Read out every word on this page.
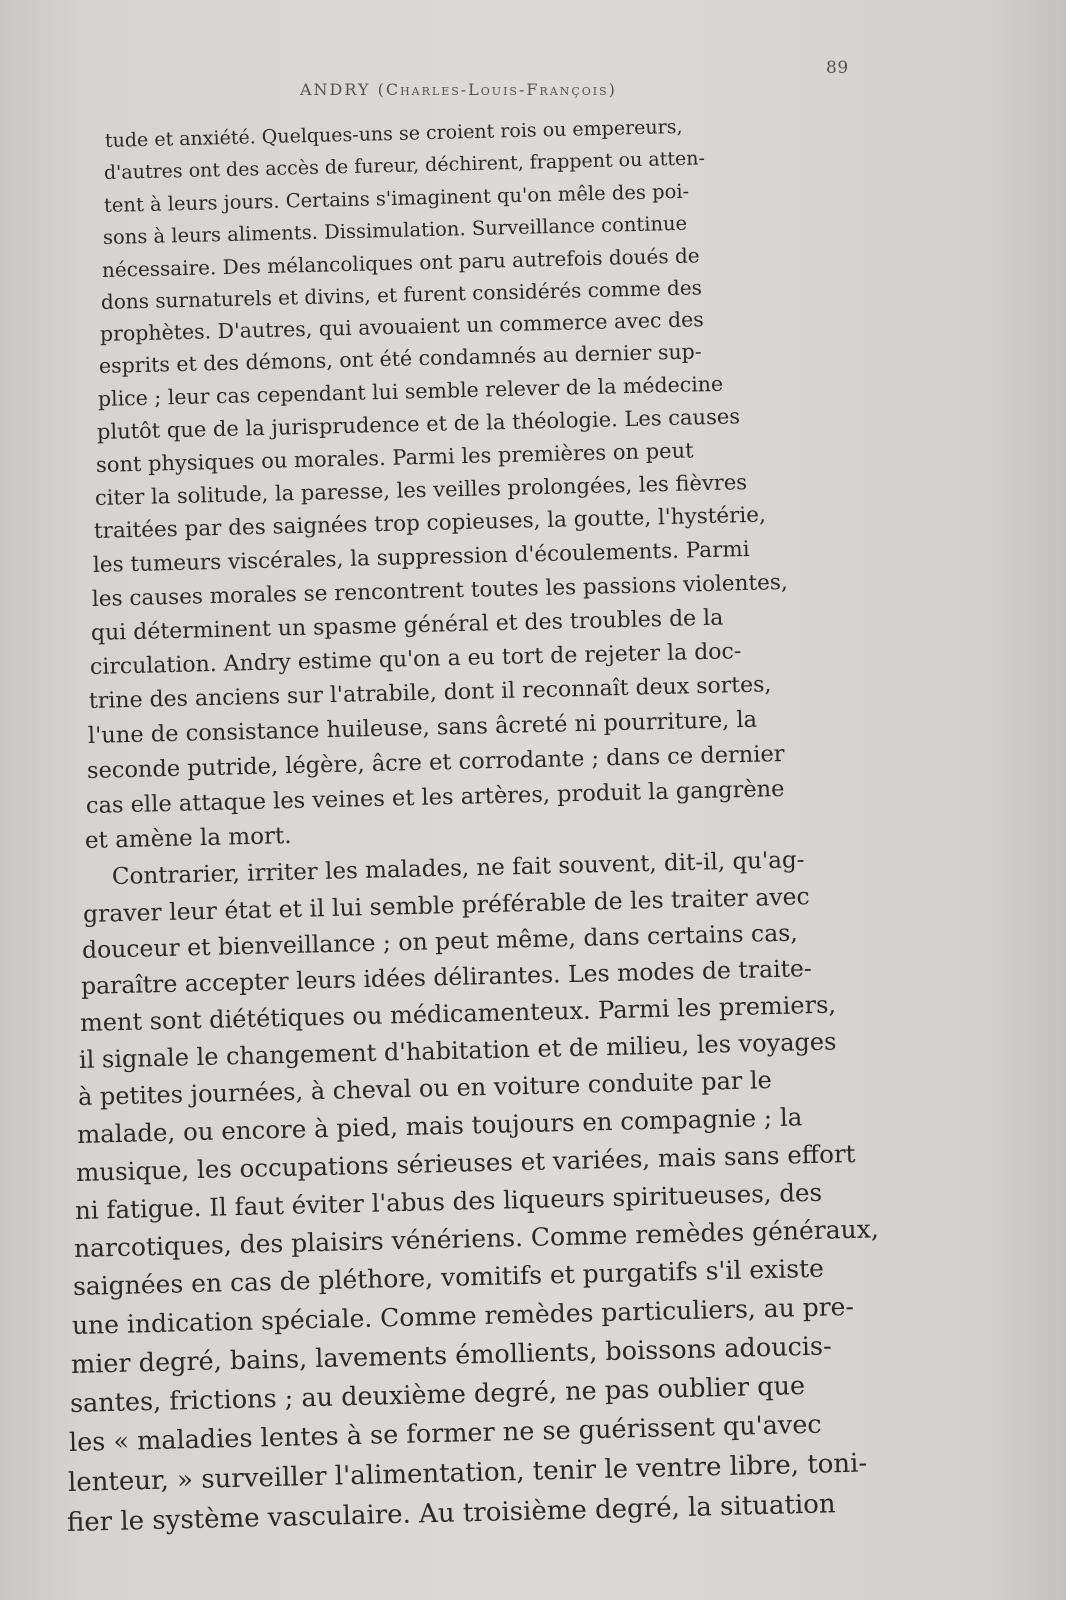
89
ANDRY (Charles-Louis-François)
tude et anxiété. Quelques-uns se croient rois ou empereurs,
d'autres ont des accès de fureur, déchirent, frappent ou atten-
tent à leurs jours. Certains s'imaginent qu'on mêle des poi-
sons à leurs aliments. Dissimulation. Surveillance continue
nécessaire. Des mélancoliques ont paru autrefois doués de
dons surnaturels et divins, et furent considérés comme des
prophètes. D'autres, qui avouaient un commerce avec des
esprits et des démons, ont été condamnés au dernier sup-
plice ; leur cas cependant lui semble relever de la médecine
plutôt que de la jurisprudence et de la théologie. Les causes
sont physiques ou morales. Parmi les premières on peut
citer la solitude, la paresse, les veilles prolongées, les fièvres
traitées par des saignées trop copieuses, la goutte, l'hystérie,
les tumeurs viscérales, la suppression d'écoulements. Parmi
les causes morales se rencontrent toutes les passions violentes,
qui déterminent un spasme général et des troubles de la
circulation. Andry estime qu'on a eu tort de rejeter la doc-
trine des anciens sur l'atrabile, dont il reconnaît deux sortes,
l'une de consistance huileuse, sans âcreté ni pourriture, la
seconde putride, légère, âcre et corrodante ; dans ce dernier
cas elle attaque les veines et les artères, produit la gangrène
et amène la mort.
Contrarier, irriter les malades, ne fait souvent, dit-il, qu'ag-
graver leur état et il lui semble préférable de les traiter avec
douceur et bienveillance ; on peut même, dans certains cas,
paraître accepter leurs idées délirantes. Les modes de traite-
ment sont diététiques ou médicamenteux. Parmi les premiers,
il signale le changement d'habitation et de milieu, les voyages
à petites journées, à cheval ou en voiture conduite par le
malade, ou encore à pied, mais toujours en compagnie ; la
musique, les occupations sérieuses et variées, mais sans effort
ni fatigue. Il faut éviter l'abus des liqueurs spiritueuses, des
narcotiques, des plaisirs vénériens. Comme remèdes généraux,
saignées en cas de pléthore, vomitifs et purgatifs s'il existe
une indication spéciale. Comme remèdes particuliers, au pre-
mier degré, bains, lavements émollients, boissons adoucis-
santes, frictions ; au deuxième degré, ne pas oublier que
les « maladies lentes à se former ne se guérissent qu'avec
lenteur, » surveiller l'alimentation, tenir le ventre libre, toni-
fier le système vasculaire. Au troisième degré, la situation
